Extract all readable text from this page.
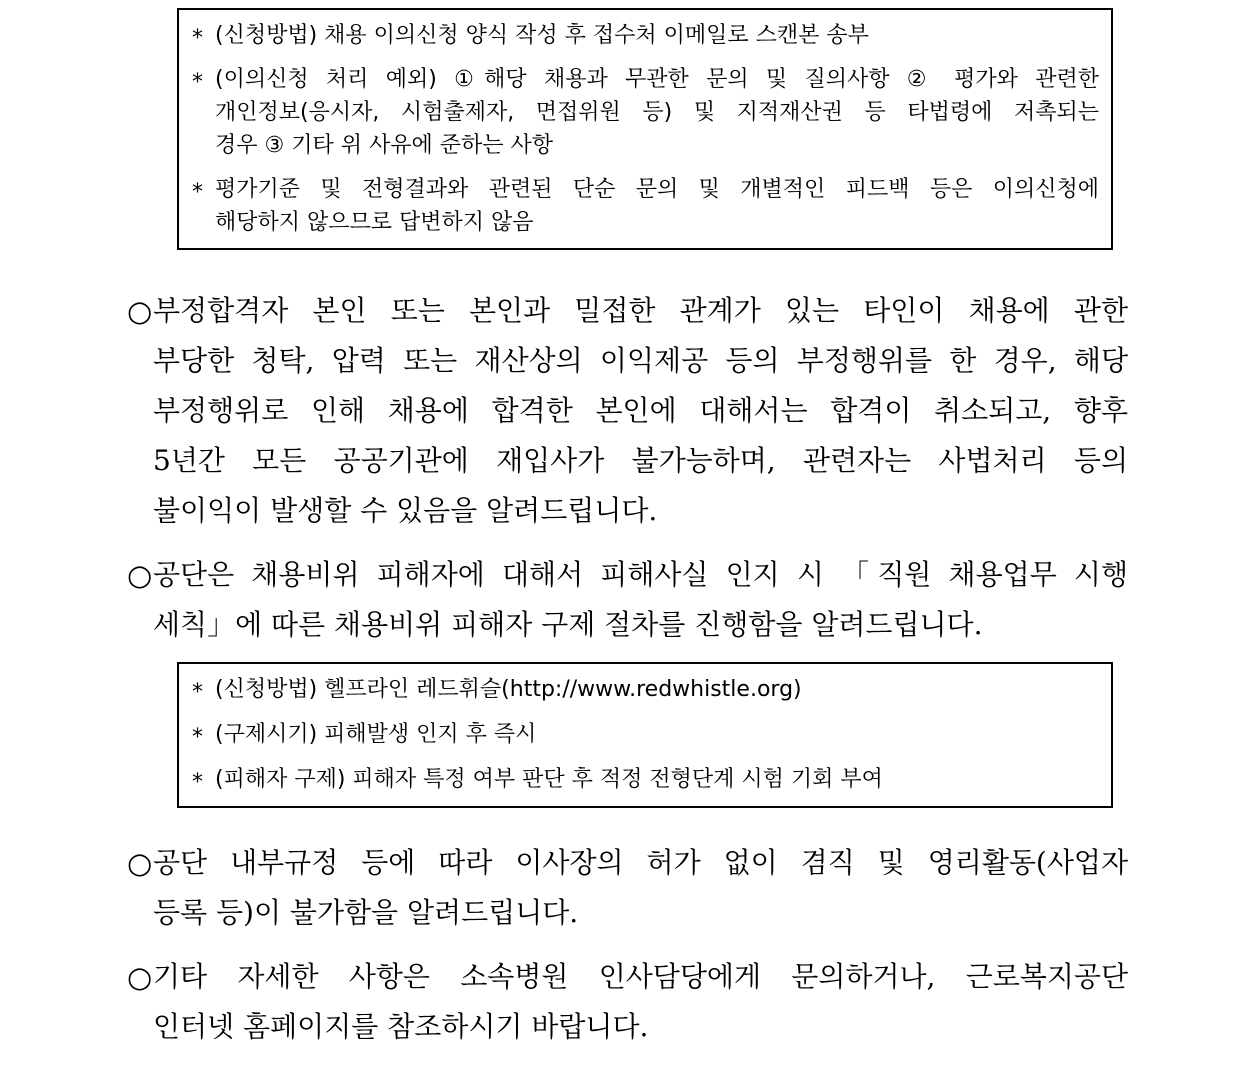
* (신청방법) 채용 이의신청 양식 작성 후 접수처 이메일로 스캔본 송부
* (이의신청 처리 예외) ①해당 채용과 무관한 문의 및 질의사항 ② 평가와 관련한
개인정보(응시자, 시험출제자, 면접위원 등) 및 지적재산권 등 타법령에 저촉되는
경우 ③ 기타 위 사유에 준하는 사항
* 평가기준 및 전형결과와 관련된 단순 문의 및 개별적인 피드백 등은 이의신청에
해당하지 않으므로 답변하지 않음
○ 부정합격자 본인 또는 본인과 밀접한 관계가 있는 타인이 채용에 관한
부당한 청탁, 압력 또는 재산상의 이익제공 등의 부정행위를 한 경우, 해당
부정행위로 인해 채용에 합격한 본인에 대해서는 합격이 취소되고, 향후
5년간 모든 공공기관에 재입사가 불가능하며, 관련자는 사법처리 등의
불이익이 발생할 수 있음을 알려드립니다.
○ 공단은 채용비위 피해자에 대해서 피해사실 인지 시 「직원 채용업무 시행
세칙」에 따른 채용비위 피해자 구제 절차를 진행함을 알려드립니다.
* (신청방법) 헬프라인 레드휘슬(http://www.redwhistle.org)
* (구제시기) 피해발생 인지 후 즉시
* (피해자 구제) 피해자 특정 여부 판단 후 적정 전형단계 시험 기회 부여
○ 공단 내부규정 등에 따라 이사장의 허가 없이 겸직 및 영리활동(사업자
등록 등)이 불가함을 알려드립니다.
○ 기타 자세한 사항은 소속병원 인사담당에게 문의하거나, 근로복지공단
인터넷 홈페이지를 참조하시기 바랍니다.
